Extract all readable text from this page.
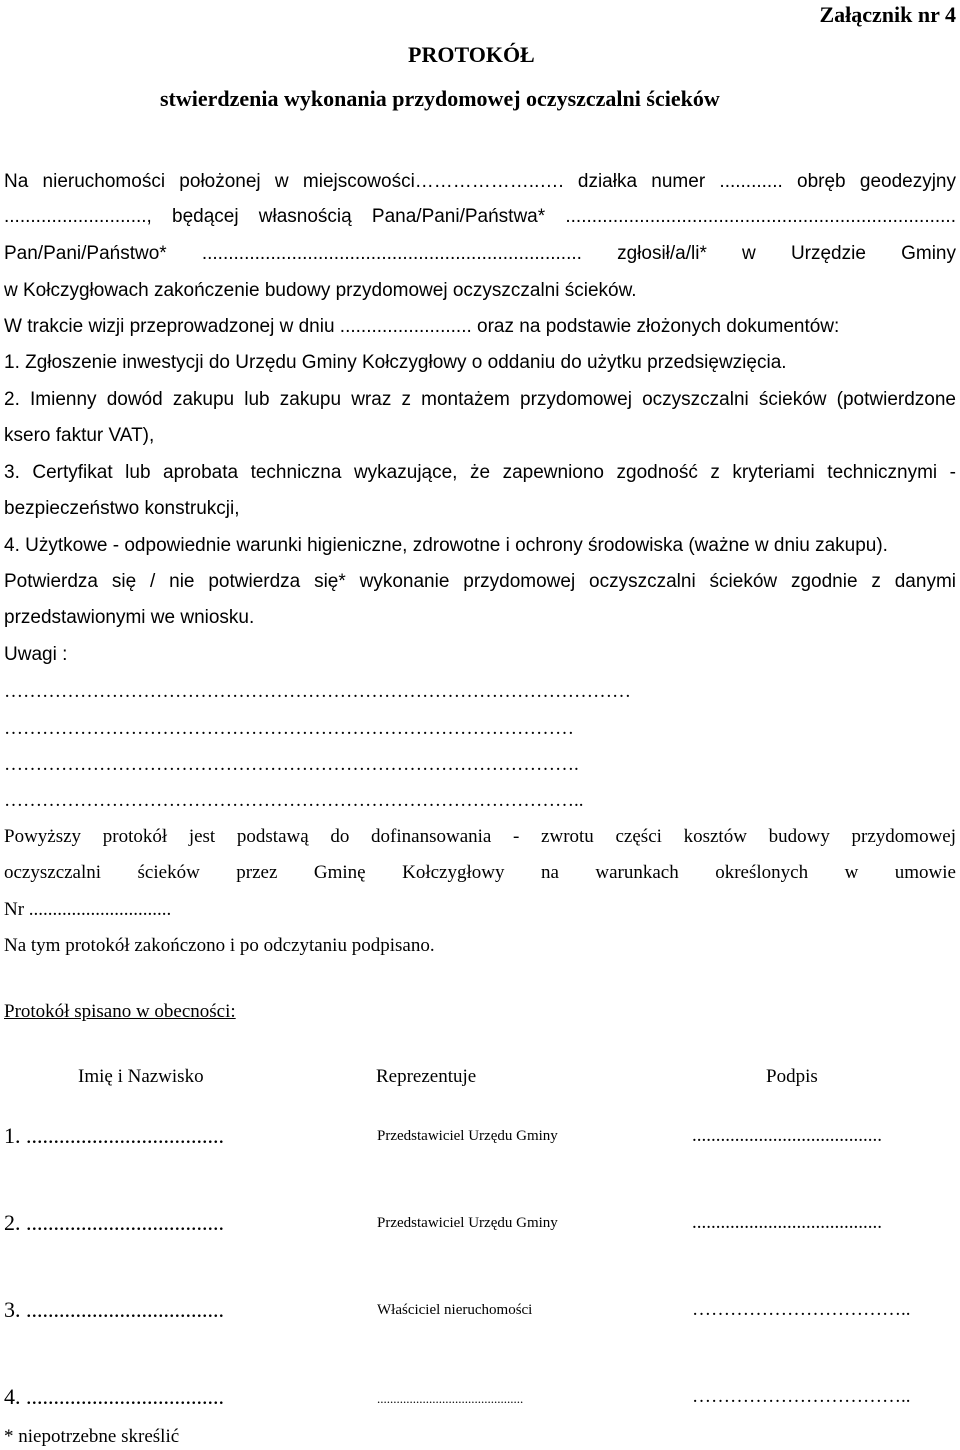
Załącznik nr 4
PROTOKÓŁ
stwierdzenia wykonania przydomowej oczyszczalni ścieków
Na nieruchomości położonej w miejscowości………………..…. działka numer ............ obręb geodezyjny
..........................., będącej własnością Pana/Pani/Państwa* ..........................................................................
Pan/Pani/Państwo* ........................................................................ zgłosił/a/li* w Urzędzie Gminy
w Kołczygłowach zakończenie budowy przydomowej oczyszczalni ścieków.
W trakcie wizji przeprowadzonej w dniu ......................... oraz na podstawie złożonych dokumentów:
1. Zgłoszenie inwestycji do Urzędu Gminy Kołczygłowy o oddaniu do użytku przedsięwzięcia.
2. Imienny dowód zakupu lub zakupu wraz z montażem przydomowej oczyszczalni ścieków (potwierdzone
ksero faktur VAT),
3. Certyfikat lub aprobata techniczna wykazujące, że zapewniono zgodność z kryteriami technicznymi -
bezpieczeństwo konstrukcji,
4. Użytkowe - odpowiednie warunki higieniczne, zdrowotne i ochrony środowiska (ważne w dniu zakupu).
Potwierdza się / nie potwierdza się* wykonanie przydomowej oczyszczalni ścieków zgodnie z danymi
przedstawionymi we wniosku.
Uwagi :
………………………………………………………………………………………
………………………………………………………………………………
……………………………………………………………………………….
………………………………………………………………………………..
Powyższy protokół jest podstawą do dofinansowania - zwrotu części kosztów budowy przydomowej
oczyszczalni ścieków przez Gminę Kołczygłowy na warunkach określonych w umowie
Nr ..............................
Na tym protokół zakończono i po odczytaniu podpisano.
Protokół spisano w obecności:
Imię i Nazwisko	Reprezentuje	Podpis
1. ....................................	Przedstawiciel Urzędu Gminy	........................................
2. ....................................	Przedstawiciel Urzędu Gminy	........................................
3. ....................................	Właściciel nieruchomości	……………………………..
4. ....................................	.............................................	……………………………..
* niepotrzebne skreślić
